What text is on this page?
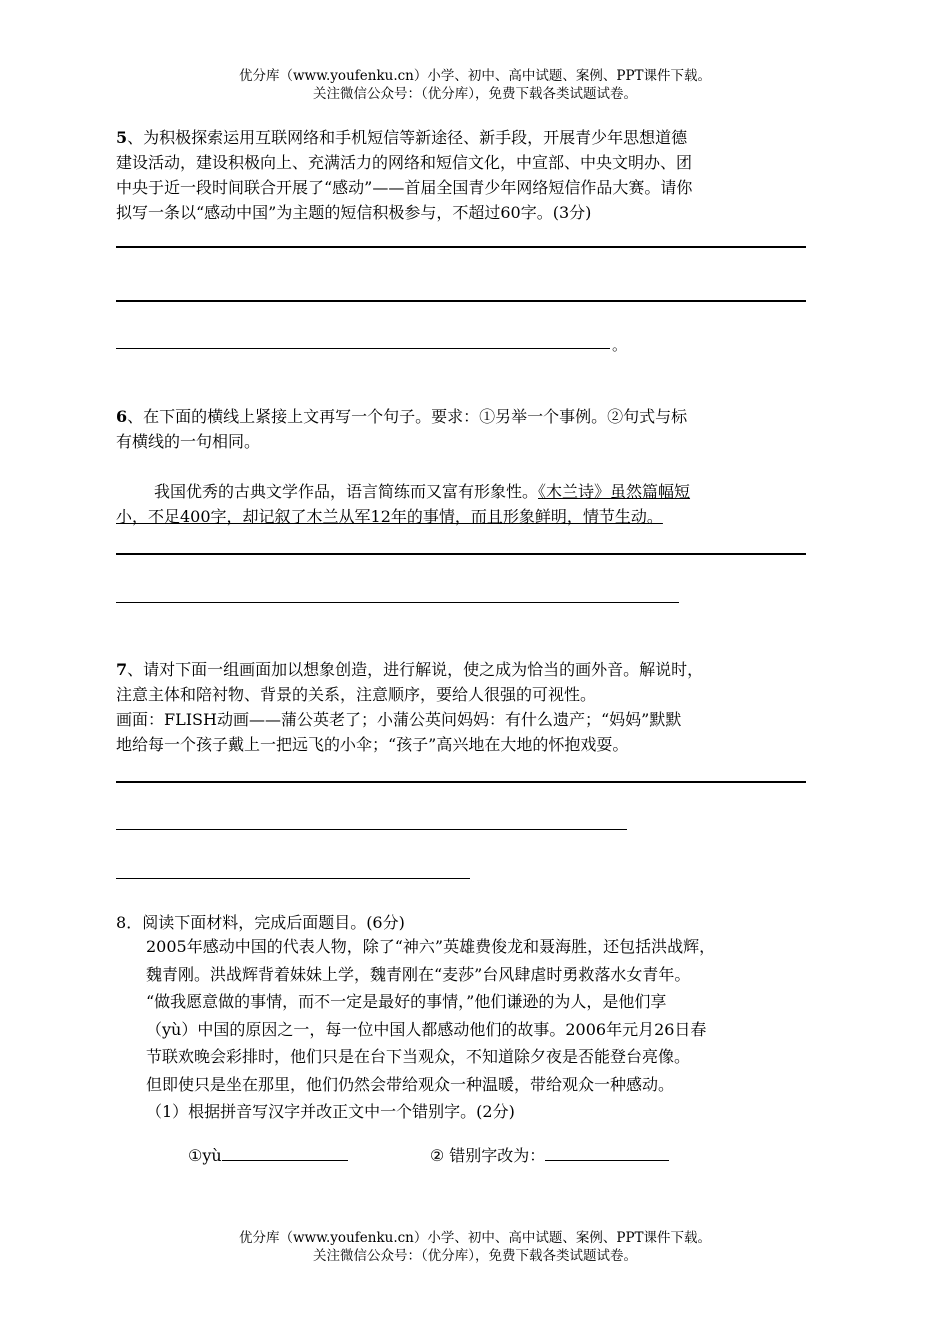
优分库（www.youfenku.cn）小学、初中、高中试题、案例、PPT课件下载。
关注微信公众号：（优分库），免费下载各类试题试卷。
5、为积极探索运用互联网络和手机短信等新途径、新手段，开展青少年思想道德
建设活动，建设积极向上、充满活力的网络和短信文化，中宣部、中央文明办、团
中央于近一段时间联合开展了“感动”——首届全国青少年网络短信作品大赛。请你
拟写一条以“感动中国”为主题的短信积极参与，不超过60字。(3分)
。
6、在下面的横线上紧接上文再写一个句子。要求：①另举一个事例。②句式与标
有横线的一句相同。
我国优秀的古典文学作品，语言简练而又富有形象性。《木兰诗》虽然篇幅短
小，不足400字，却记叙了木兰从军12年的事情，而且形象鲜明，情节生动。
7、请对下面一组画面加以想象创造，进行解说，使之成为恰当的画外音。解说时，
注意主体和陪衬物、背景的关系，注意顺序，要给人很强的可视性。
画面：FLISH动画——蒲公英老了；小蒲公英问妈妈：有什么遗产；“妈妈”默默
地给每一个孩子戴上一把远飞的小伞；“孩子”高兴地在大地的怀抱戏耍。
8．阅读下面材料，完成后面题目。(6分)
2005年感动中国的代表人物，除了“神六”英雄费俊龙和聂海胜，还包括洪战辉，
魏青刚。洪战辉背着妹妹上学，魏青刚在“麦莎”台风肆虐时勇救落水女青年。
“做我愿意做的事情，而不一定是最好的事情，”他们谦逊的为人，是他们享
（yù）中国的原因之一，每一位中国人都感动他们的故事。2006年元月26日春
节联欢晚会彩排时，他们只是在台下当观众，不知道除夕夜是否能登台亮像。
但即使只是坐在那里，他们仍然会带给观众一种温暖，带给观众一种感动。
（1）根据拼音写汉字并改正文中一个错别字。(2分)
①yù	② 错别字改为：
优分库（www.youfenku.cn）小学、初中、高中试题、案例、PPT课件下载。
关注微信公众号：（优分库），免费下载各类试题试卷。
